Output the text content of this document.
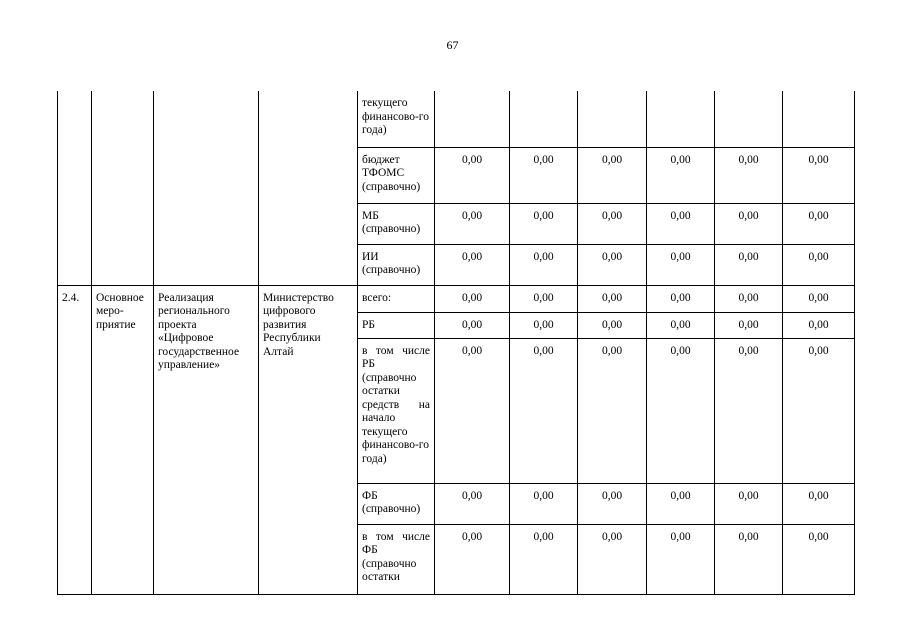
67
				текущего финансово-го года)						
				бюджет ТФОМС (справочно)	0,00	0,00	0,00	0,00	0,00	0,00
				МБ (справочно)	0,00	0,00	0,00	0,00	0,00	0,00
				ИИ (справочно)	0,00	0,00	0,00	0,00	0,00	0,00
2.4.	Основное меро-приятие	Реализация регионального проекта «Цифровое государственное управление»	Министерство цифрового развития Республики Алтай	всего:	0,00	0,00	0,00	0,00	0,00	0,00
				РБ	0,00	0,00	0,00	0,00	0,00	0,00
				в том числе РБ (справочно остатки средств на начало текущего финансово-го года)	0,00	0,00	0,00	0,00	0,00	0,00
				ФБ (справочно)	0,00	0,00	0,00	0,00	0,00	0,00
				в том числе ФБ (справочно остатки	0,00	0,00	0,00	0,00	0,00	0,00
